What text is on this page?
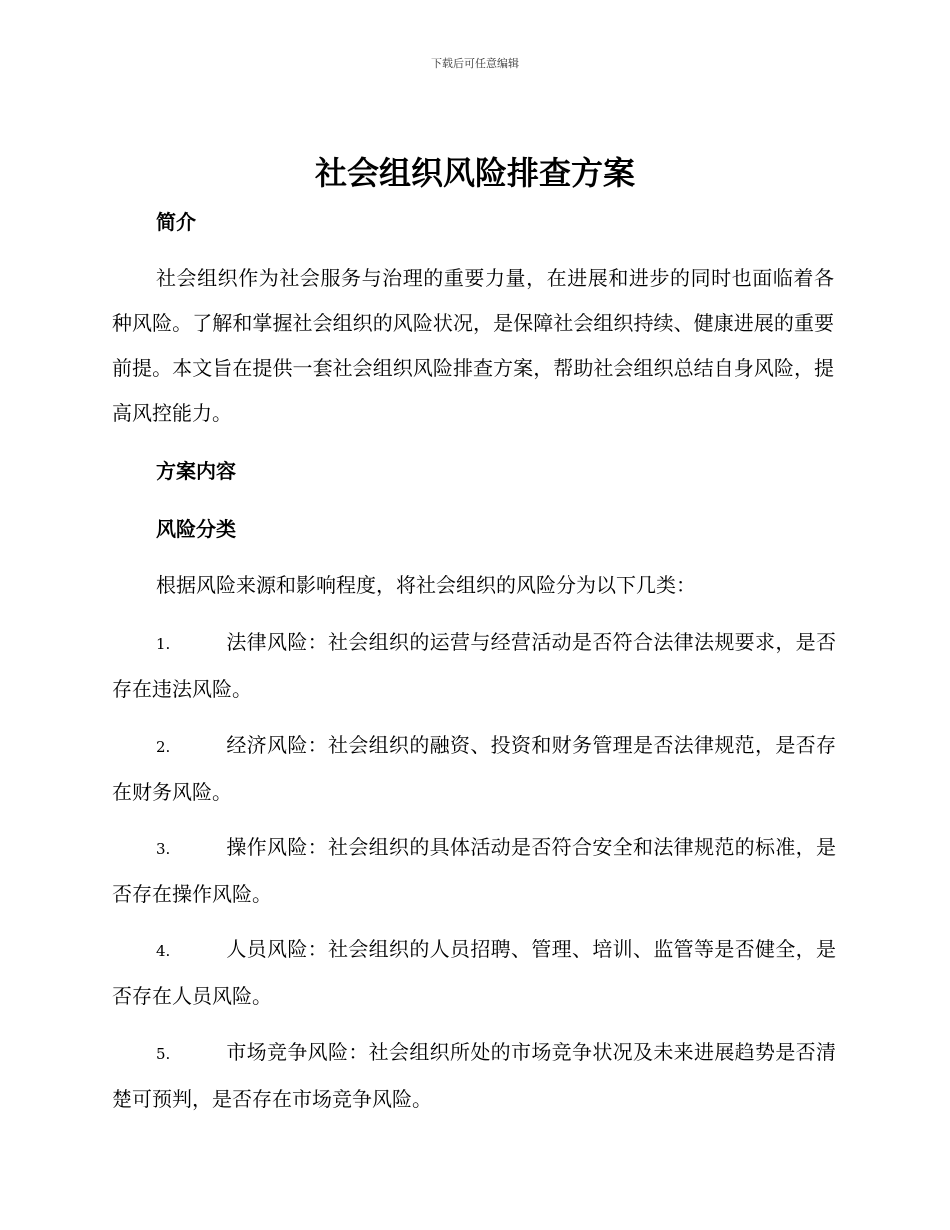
下载后可任意编辑
社会组织风险排查方案
简介

社会组织作为社会服务与治理的重要力量，在进展和进步的同时也面临着各种风险。了解和掌握社会组织的风险状况，是保障社会组织持续、健康进展的重要前提。本文旨在提供一套社会组织风险排查方案，帮助社会组织总结自身风险，提高风控能力。

方案内容
风险分类

根据风险来源和影响程度，将社会组织的风险分为以下几类：

1.	法律风险：社会组织的运营与经营活动是否符合法律法规要求，是否存在违法风险。

2.	经济风险：社会组织的融资、投资和财务管理是否法律规范，是否存在财务风险。

3.	操作风险：社会组织的具体活动是否符合安全和法律规范的标准，是否存在操作风险。

4.	人员风险：社会组织的人员招聘、管理、培训、监管等是否健全，是否存在人员风险。

5.	市场竞争风险：社会组织所处的市场竞争状况及未来进展趋势是否清楚可预判，是否存在市场竞争风险。
